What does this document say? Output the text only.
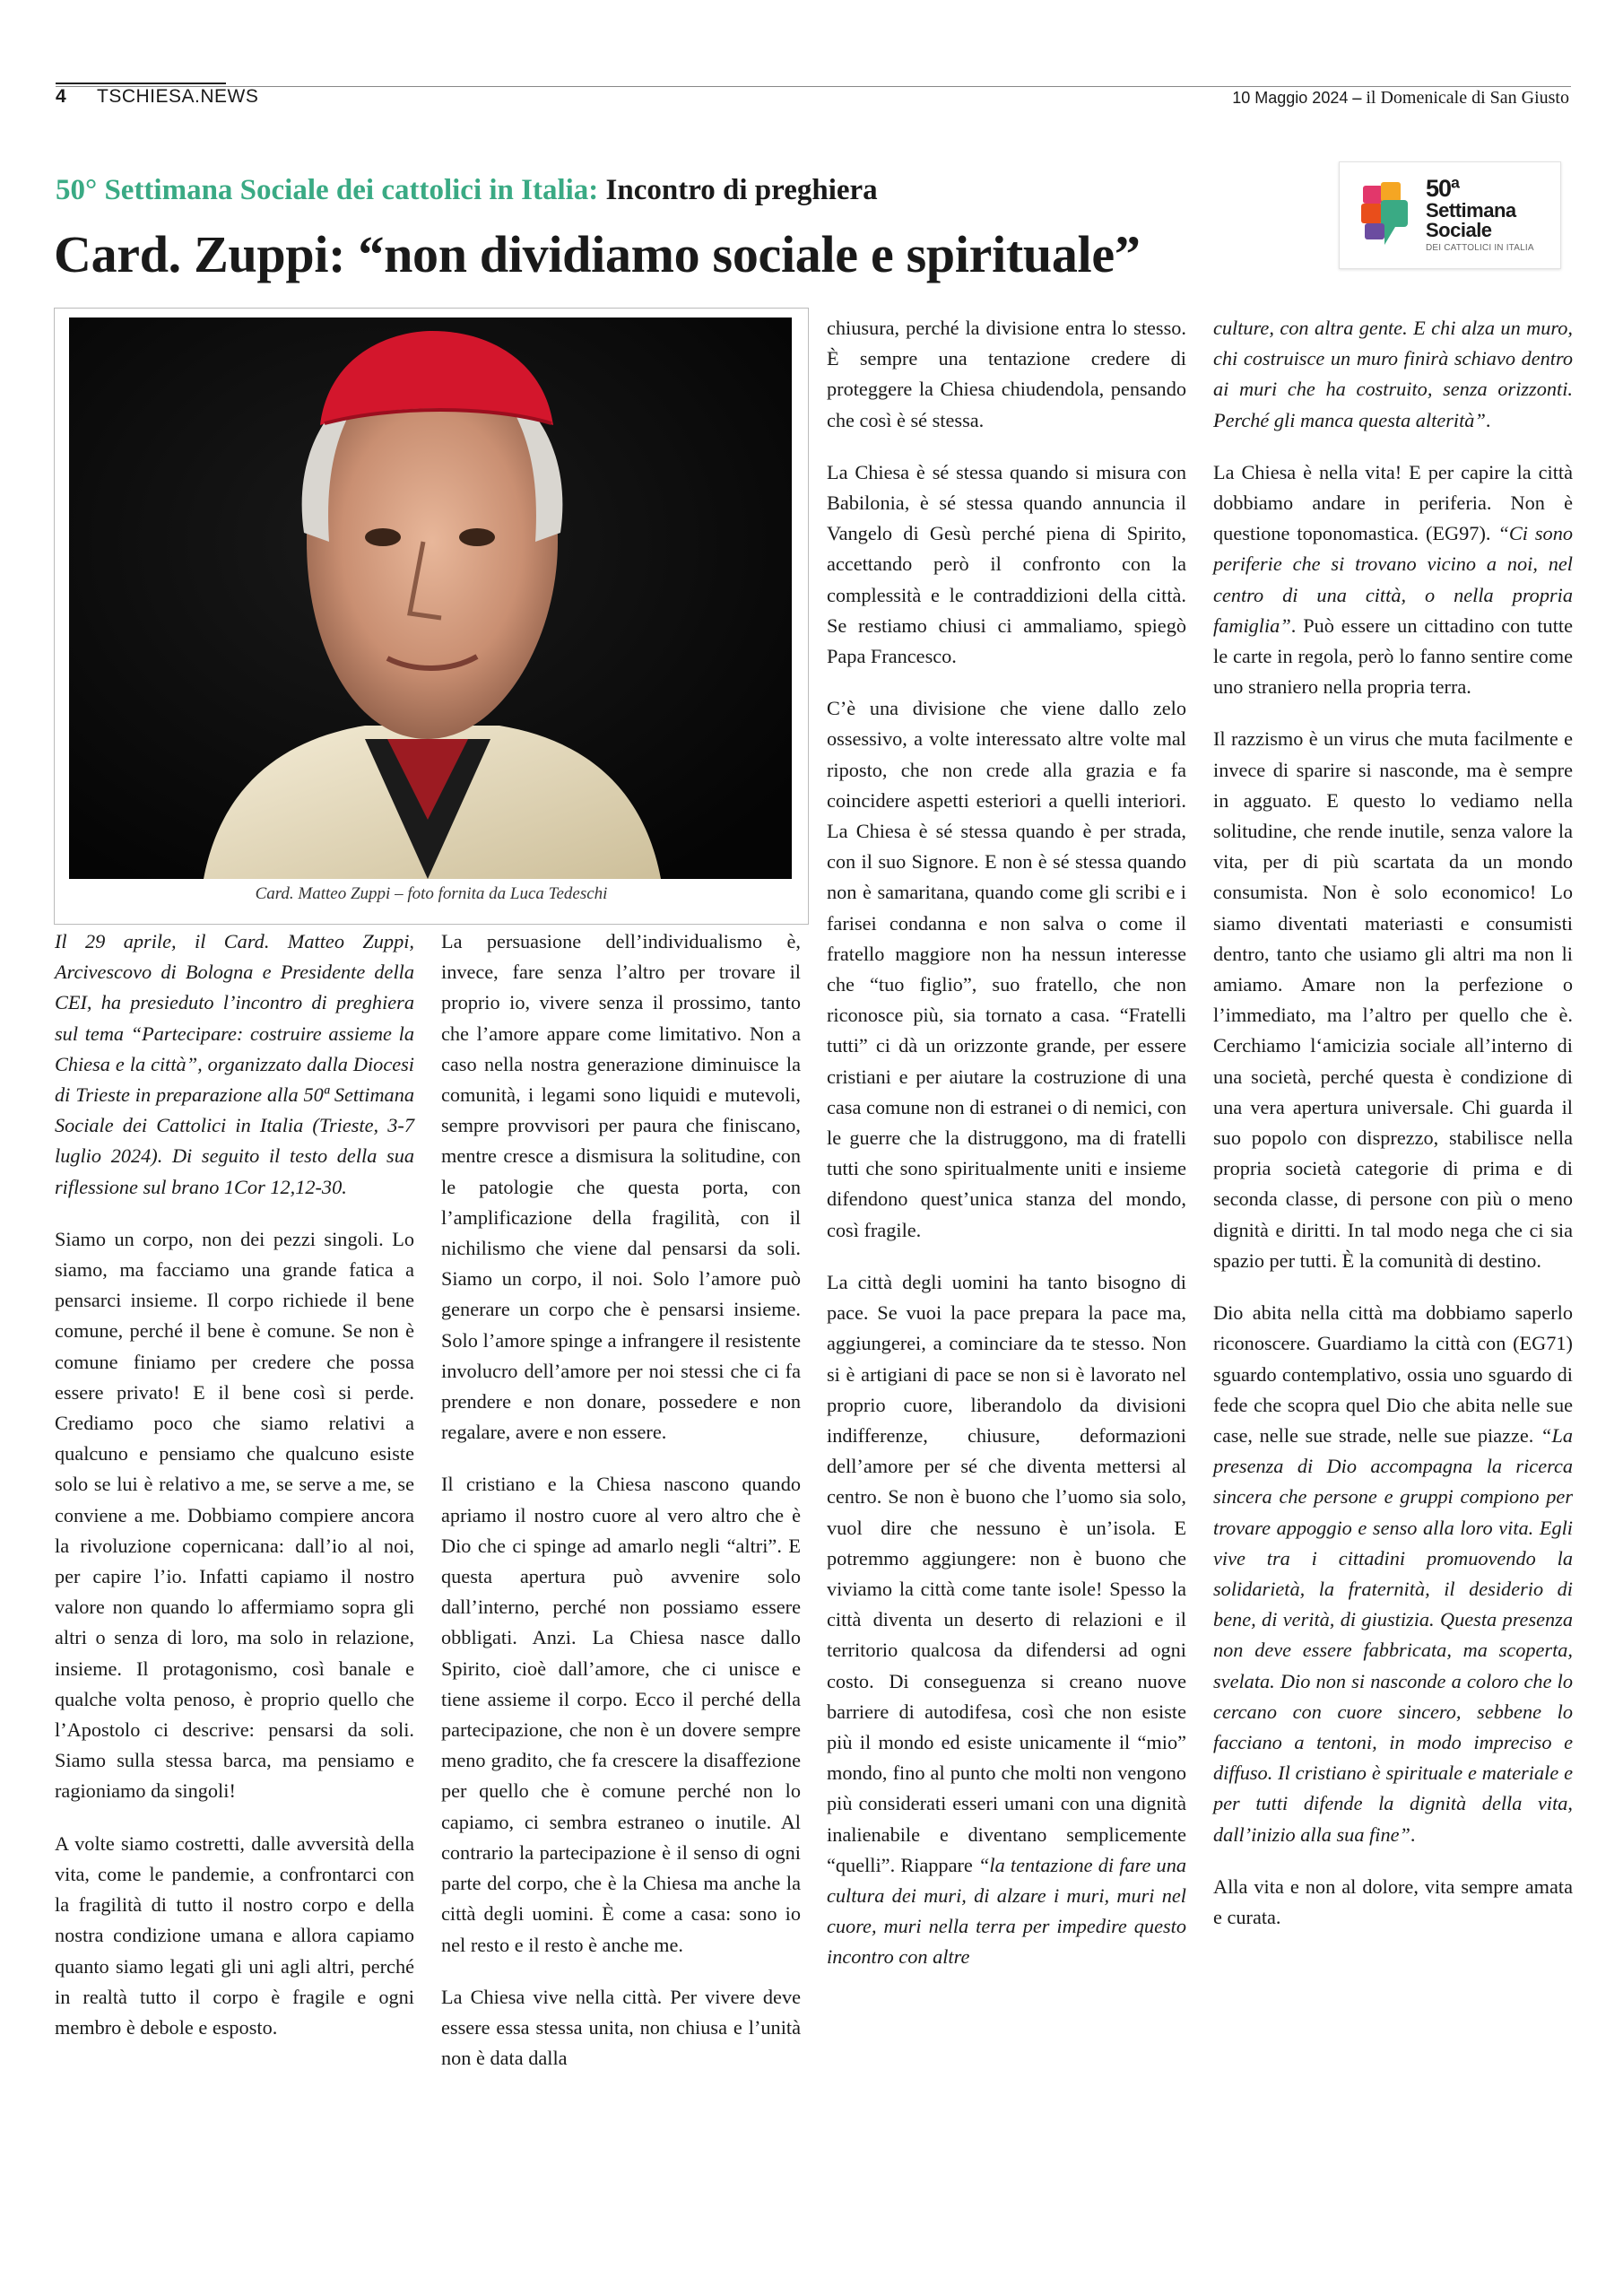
4 TSCHIESA.NEWS	10 Maggio 2024 – il Domenicale di San Giusto
50° Settimana Sociale dei cattolici in Italia: Incontro di preghiera
Card. Zuppi: “non dividiamo sociale e spirituale”
50ª
Settimana
Sociale
DEI CATTOLICI IN ITALIA
Card. Matteo Zuppi – foto fornita da Luca Tedeschi

Il 29 aprile, il Card. Matteo Zuppi, Arcivescovo di Bologna e Presidente della CEI, ha presieduto l’incontro di preghiera sul tema “Partecipare: costruire assieme la Chiesa e la città”, organizzato dalla Diocesi di Trieste in preparazione alla 50ª Settimana Sociale dei Cattolici in Italia (Trieste, 3-7 luglio 2024). Di seguito il testo della sua riflessione sul brano 1Cor 12,12-30.

Siamo un corpo, non dei pezzi singoli. Lo siamo, ma facciamo una grande fatica a pensarci insieme. Il corpo richiede il bene comune, perché il bene è comune. Se non è comune finiamo per credere che possa essere privato! E il bene così si perde. Crediamo poco che siamo relativi a qualcuno e pensiamo che qualcuno esiste solo se lui è relativo a me, se serve a me, se conviene a me. Dobbiamo compiere ancora la rivoluzione copernicana: dall’io al noi, per capire l’io. Infatti capiamo il nostro valore non quando lo affermiamo sopra gli altri o senza di loro, ma solo in relazione, insieme. Il protagonismo, così banale e qualche volta penoso, è proprio quello che l’Apostolo ci descrive: pensarsi da soli. Siamo sulla stessa barca, ma pensiamo e ragioniamo da singoli!

A volte siamo costretti, dalle avversità della vita, come le pandemie, a confrontarci con la fragilità di tutto il nostro corpo e della nostra condizione umana e allora capiamo quanto siamo legati gli uni agli altri, perché in realtà tutto il corpo è fragile e ogni membro è debole e esposto.

La persuasione dell’individualismo è, invece, fare senza l’altro per trovare il proprio io, vivere senza il prossimo, tanto che l’amore appare come limitativo. Non a caso nella nostra generazione diminuisce la comunità, i legami sono liquidi e mutevoli, sempre provvisori per paura che finiscano, mentre cresce a dismisura la solitudine, con le patologie che questa porta, con l’amplificazione della fragilità, con il nichilismo che viene dal pensarsi da soli. Siamo un corpo, il noi. Solo l’amore può generare un corpo che è pensarsi insieme. Solo l’amore spinge a infrangere il resistente involucro dell’amore per noi stessi che ci fa prendere e non donare, possedere e non regalare, avere e non essere.

Il cristiano e la Chiesa nascono quando apriamo il nostro cuore al vero altro che è Dio che ci spinge ad amarlo negli “altri”. E questa apertura può avvenire solo dall’interno, perché non possiamo essere obbligati. Anzi. La Chiesa nasce dallo Spirito, cioè dall’amore, che ci unisce e tiene assieme il corpo. Ecco il perché della partecipazione, che non è un dovere sempre meno gradito, che fa crescere la disaffezione per quello che è comune perché non lo capiamo, ci sembra estraneo o inutile. Al contrario la partecipazione è il senso di ogni parte del corpo, che è la Chiesa ma anche la città degli uomini. È come a casa: sono io nel resto e il resto è anche me.

La Chiesa vive nella città. Per vivere deve essere essa stessa unita, non chiusa e l’unità non è data dalla

chiusura, perché la divisione entra lo stesso. È sempre una tentazione credere di proteggere la Chiesa chiudendola, pensando che così è sé stessa.

La Chiesa è sé stessa quando si misura con Babilonia, è sé stessa quando annuncia il Vangelo di Gesù perché piena di Spirito, accettando però il confronto con la complessità e le contraddizioni della città. Se restiamo chiusi ci ammaliamo, spiegò Papa Francesco.

C’è una divisione che viene dallo zelo ossessivo, a volte interessato altre volte mal riposto, che non crede alla grazia e fa coincidere aspetti esteriori a quelli interiori. La Chiesa è sé stessa quando è per strada, con il suo Signore. E non è sé stessa quando non è samaritana, quando come gli scribi e i farisei condanna e non salva o come il fratello maggiore non ha nessun interesse che “tuo figlio”, suo fratello, che non riconosce più, sia tornato a casa. “Fratelli tutti” ci dà un orizzonte grande, per essere cristiani e per aiutare la costruzione di una casa comune non di estranei o di nemici, con le guerre che la distruggono, ma di fratelli tutti che sono spiritualmente uniti e insieme difendono quest’unica stanza del mondo, così fragile.

La città degli uomini ha tanto bisogno di pace. Se vuoi la pace prepara la pace ma, aggiungerei, a cominciare da te stesso. Non si è artigiani di pace se non si è lavorato nel proprio cuore, liberandolo da divisioni indifferenze, chiusure, deformazioni dell’amore per sé che diventa mettersi al centro. Se non è buono che l’uomo sia solo, vuol dire che nessuno è un’isola. E potremmo aggiungere: non è buono che viviamo la città come tante isole! Spesso la città diventa un deserto di relazioni e il territorio qualcosa da difendersi ad ogni costo. Di conseguenza si creano nuove barriere di autodifesa, così che non esiste più il mondo ed esiste unicamente il “mio” mondo, fino al punto che molti non vengono più considerati esseri umani con una dignità inalienabile e diventano semplicemente “quelli”. Riappare “la tentazione di fare una cultura dei muri, di alzare i muri, muri nel cuore, muri nella terra per impedire questo incontro con altre

culture, con altra gente. E chi alza un muro, chi costruisce un muro finirà schiavo dentro ai muri che ha costruito, senza orizzonti. Perché gli manca questa alterità”.

La Chiesa è nella vita! E per capire la città dobbiamo andare in periferia. Non è questione toponomastica. (EG97). “Ci sono periferie che si trovano vicino a noi, nel centro di una città, o nella propria famiglia”. Può essere un cittadino con tutte le carte in regola, però lo fanno sentire come uno straniero nella propria terra.

Il razzismo è un virus che muta facilmente e invece di sparire si nasconde, ma è sempre in agguato. E questo lo vediamo nella solitudine, che rende inutile, senza valore la vita, per di più scartata da un mondo consumista. Non è solo economico! Lo siamo diventati materiasti e consumisti dentro, tanto che usiamo gli altri ma non li amiamo. Amare non la perfezione o l’immediato, ma l’altro per quello che è. Cerchiamo l‘amicizia sociale all’interno di una società, perché questa è condizione di una vera apertura universale. Chi guarda il suo popolo con disprezzo, stabilisce nella propria società categorie di prima e di seconda classe, di persone con più o meno dignità e diritti. In tal modo nega che ci sia spazio per tutti. È la comunità di destino.

Dio abita nella città ma dobbiamo saperlo riconoscere. Guardiamo la città con (EG71) sguardo contemplativo, ossia uno sguardo di fede che scopra quel Dio che abita nelle sue case, nelle sue strade, nelle sue piazze. “La presenza di Dio accompagna la ricerca sincera che persone e gruppi compiono per trovare appoggio e senso alla loro vita. Egli vive tra i cittadini promuovendo la solidarietà, la fraternità, il desiderio di bene, di verità, di giustizia. Questa presenza non deve essere fabbricata, ma scoperta, svelata. Dio non si nasconde a coloro che lo cercano con cuore sincero, sebbene lo facciano a tentoni, in modo impreciso e diffuso. Il cristiano è spirituale e materiale e per tutti difende la dignità della vita, dall’inizio alla sua fine”.

Alla vita e non al dolore, vita sempre amata e curata.
